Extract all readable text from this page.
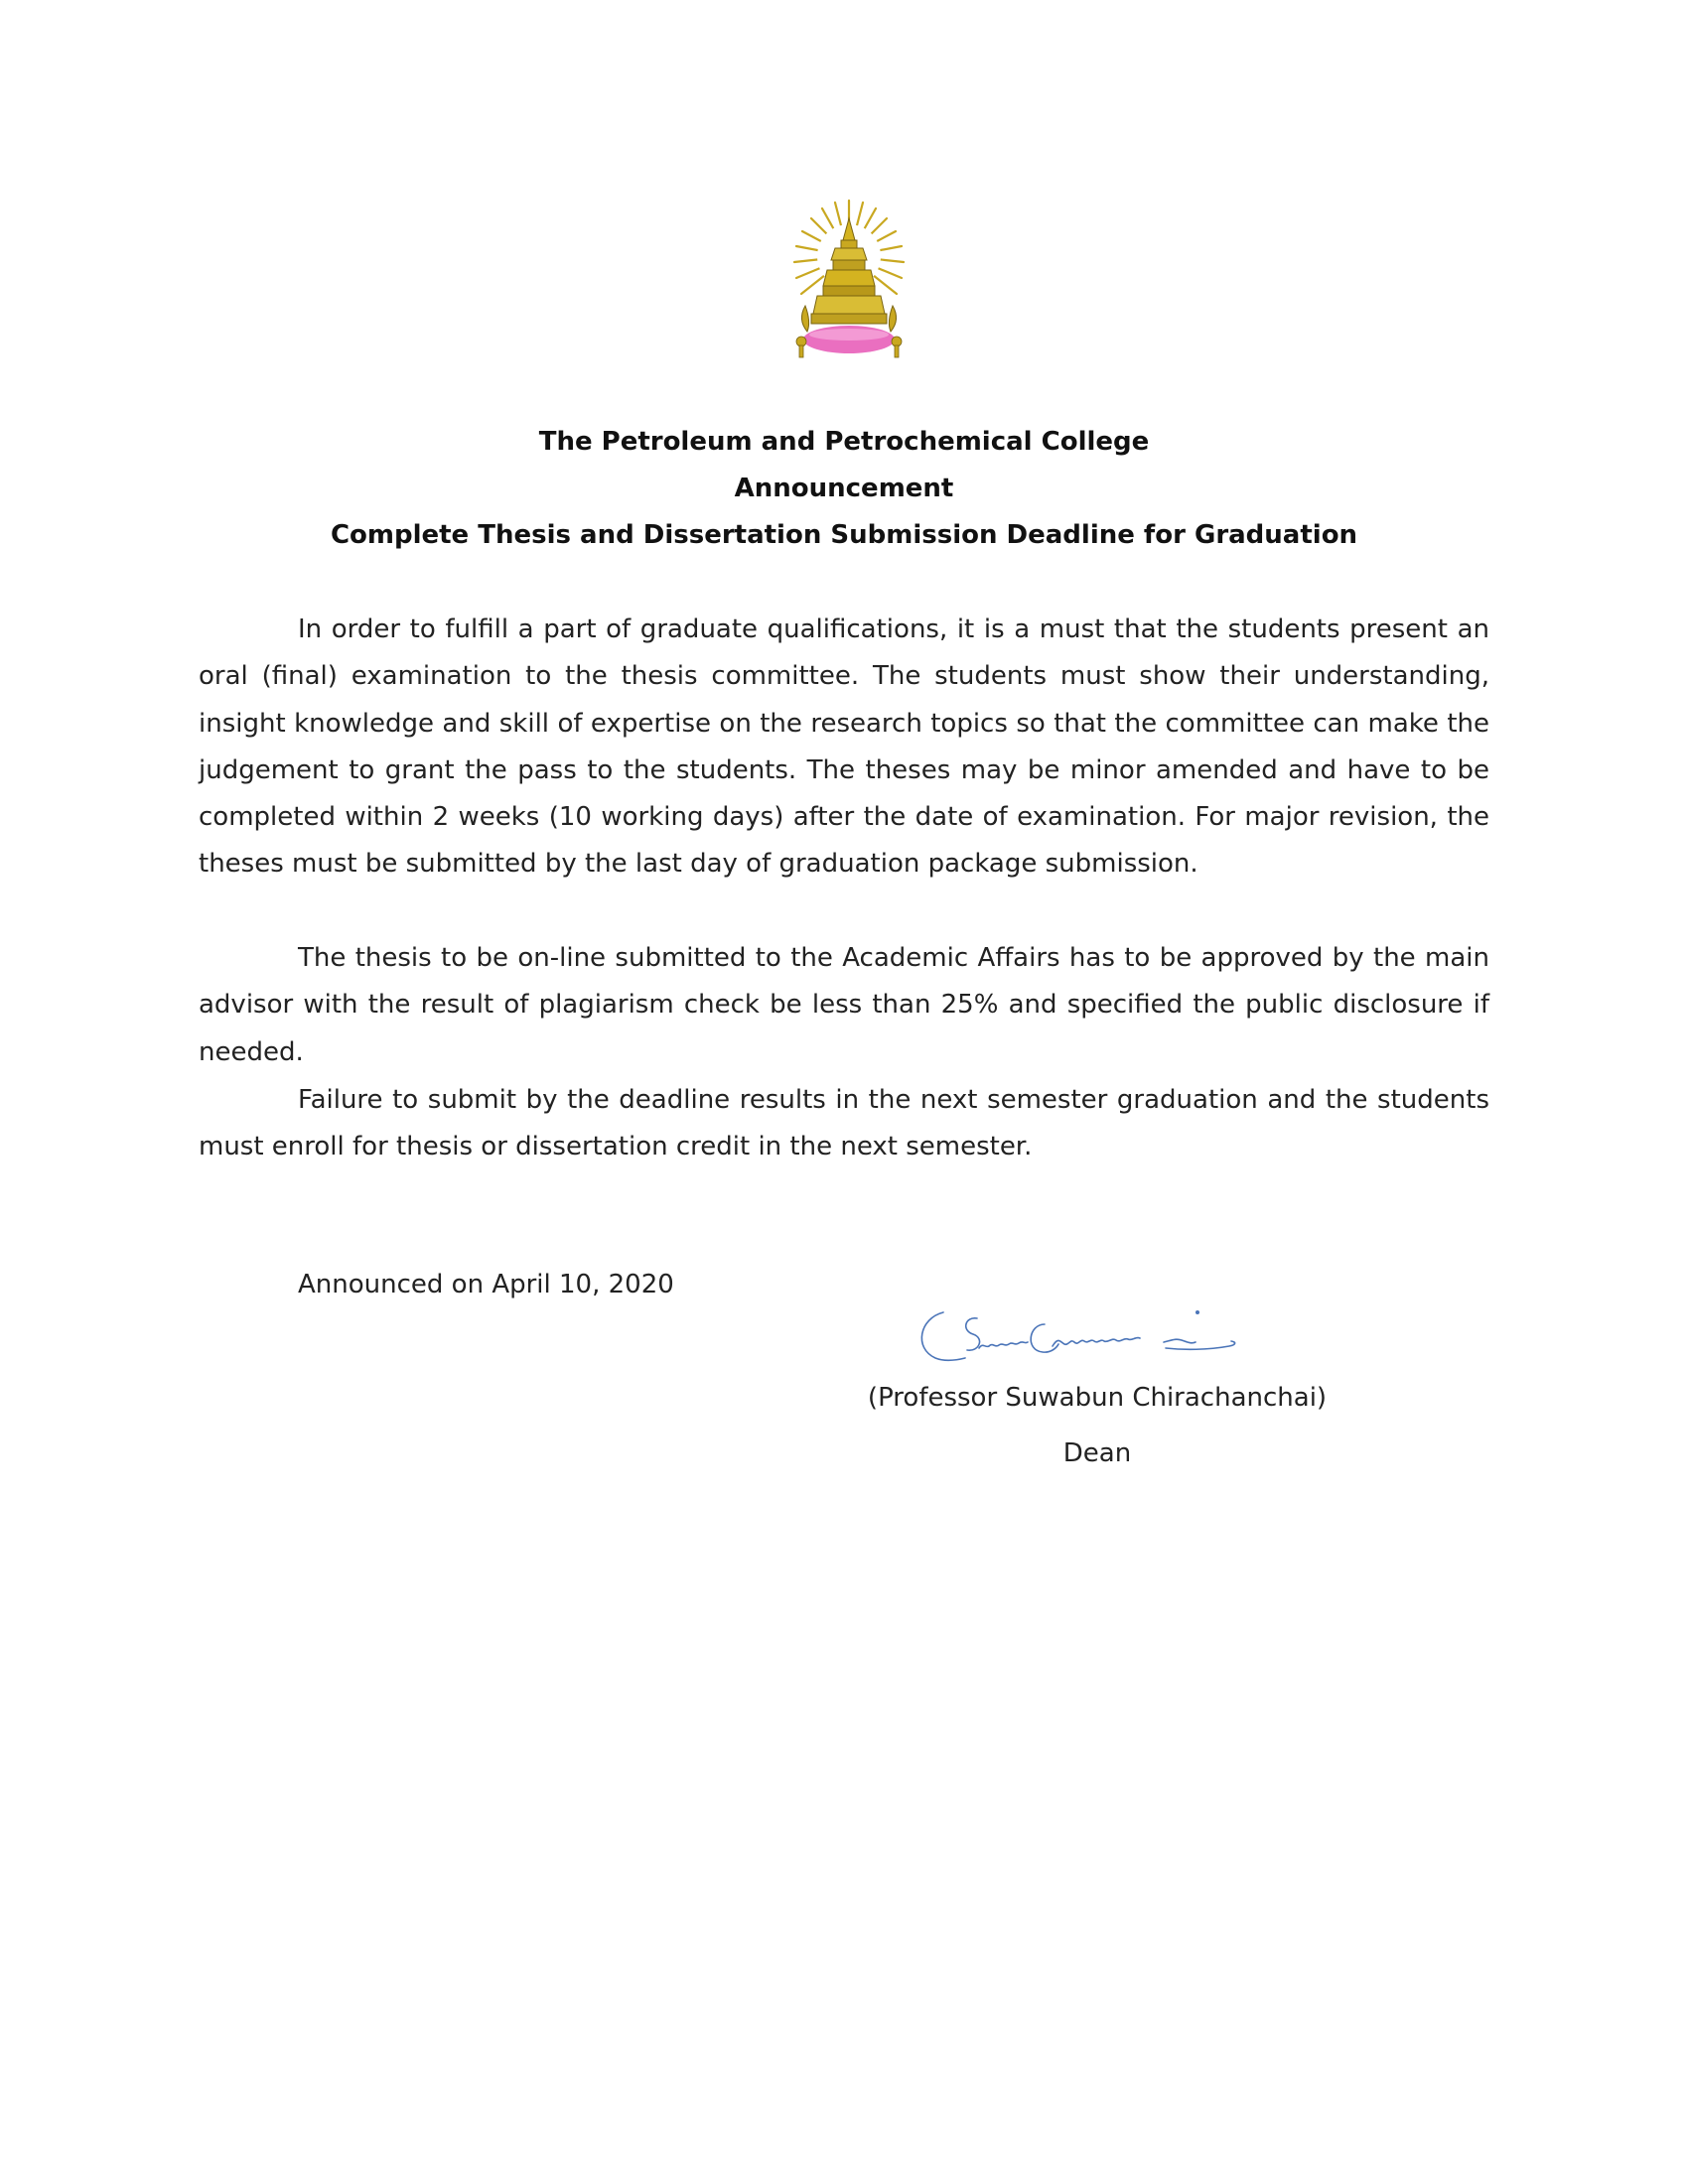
The Petroleum and Petrochemical College
Announcement
Complete Thesis and Dissertation Submission Deadline for Graduation

In order to fulfill a part of graduate qualifications, it is a must that the students present an oral (final) examination to the thesis committee. The students must show their understanding, insight knowledge and skill of expertise on the research topics so that the committee can make the judgement to grant the pass to the students. The theses may be minor amended and have to be completed within 2 weeks (10 working days) after the date of examination. For major revision, the theses must be submitted by the last day of graduation package submission.

The thesis to be on-line submitted to the Academic Affairs has to be approved by the main advisor with the result of plagiarism check be less than 25% and specified the public disclosure if needed.

Failure to submit by the deadline results in the next semester graduation and the students must enroll for thesis or dissertation credit in the next semester.

Announced on April 10, 2020
(Professor Suwabun Chirachanchai)
Dean
